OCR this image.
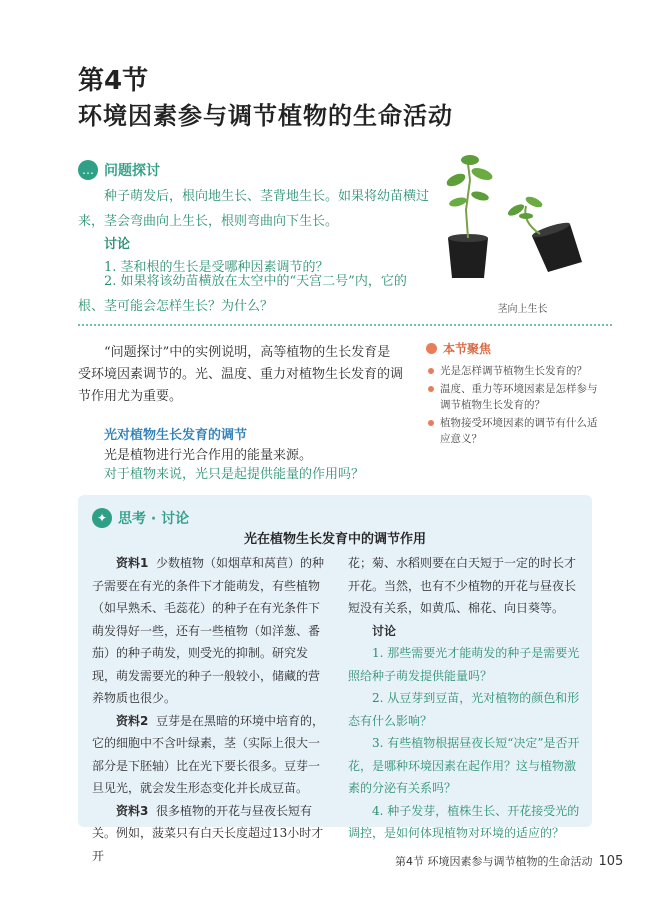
第4节
环境因素参与调节植物的生命活动
… 问题探讨
种子萌发后，根向地生长、茎背地生长。如果将幼苗横过来，茎会弯曲向上生长，根则弯曲向下生长。
讨论
1. 茎和根的生长是受哪种因素调节的？
2. 如果将该幼苗横放在太空中的“天宫二号”内，它的根、茎可能会怎样生长？为什么？	茎向上生长
“问题探讨”中的实例说明，高等植物的生长发育是受环境因素调节的。光、温度、重力对植物生长发育的调节作用尤为重要。
本节聚焦
光是怎样调节植物生长发育的？
温度、重力等环境因素是怎样参与调节植物生长发育的？
植物接受环境因素的调节有什么适应意义？
光对植物生长发育的调节
光是植物进行光合作用的能量来源。
对于植物来说，光只是起提供能量的作用吗？
✦ 思考 · 讨论
光在植物生长发育中的调节作用

资料1 少数植物（如烟草和莴苣）的种子需要在有光的条件下才能萌发，有些植物（如早熟禾、毛蕊花）的种子在有光条件下萌发得好一些，还有一些植物（如洋葱、番茄）的种子萌发，则受光的抑制。研究发现，萌发需要光的种子一般较小，储藏的营养物质也很少。

资料2 豆芽是在黑暗的环境中培育的，它的细胞中不含叶绿素，茎（实际上很大一部分是下胚轴）比在光下要长很多。豆芽一旦见光，就会发生形态变化并长成豆苗。

资料3 很多植物的开花与昼夜长短有关。例如，菠菜只有白天长度超过13小时才开

花；菊、水稻则要在白天短于一定的时长才开花。当然，也有不少植物的开花与昼夜长短没有关系，如黄瓜、棉花、向日葵等。

讨论

1. 那些需要光才能萌发的种子是需要光照给种子萌发提供能量吗？

2. 从豆芽到豆苗，光对植物的颜色和形态有什么影响？

3. 有些植物根据昼夜长短“决定”是否开花，是哪种环境因素在起作用？这与植物激素的分泌有关系吗？

4. 种子发芽，植株生长、开花接受光的调控，是如何体现植物对环境的适应的？

第4节 环境因素参与调节植物的生命活动 105
